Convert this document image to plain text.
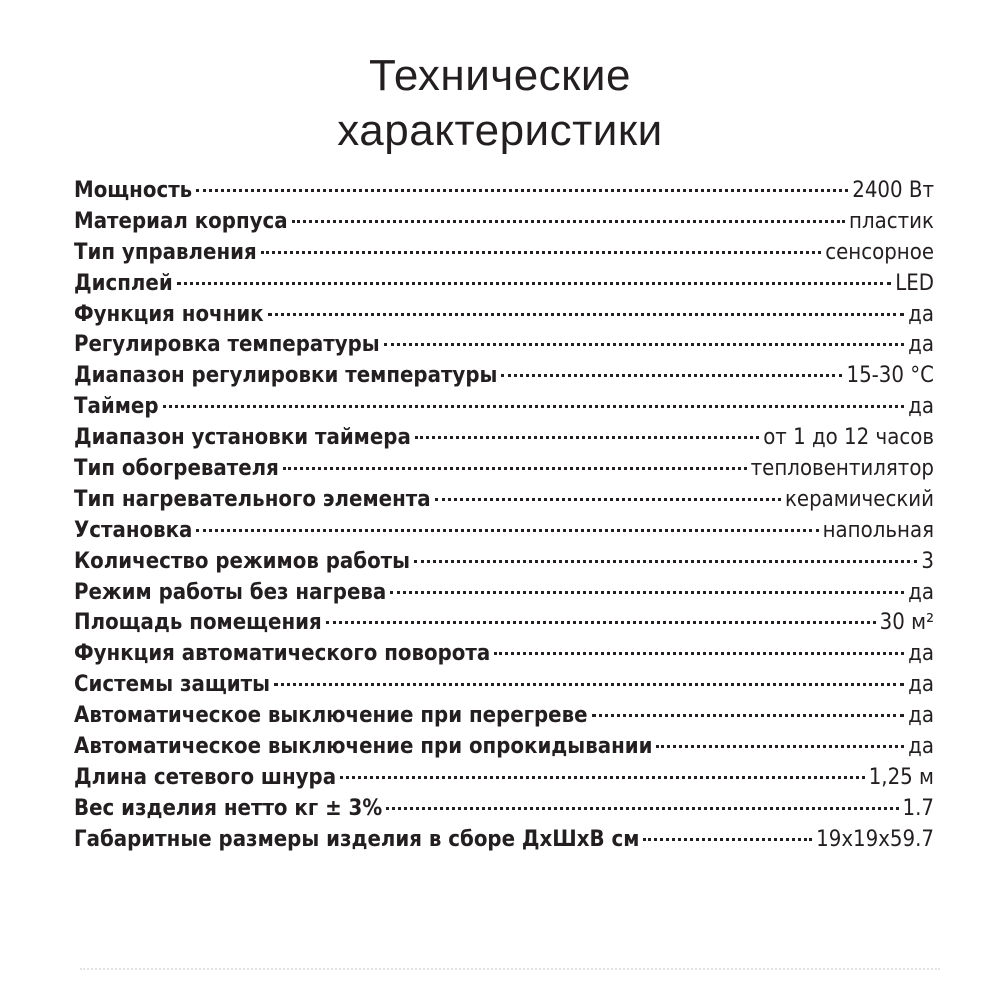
Технические
характеристики
Мощность	2400 Вт
Материал корпуса	пластик
Тип управления	сенсорное
Дисплей	LED
Функция ночник	да
Регулировка температуры	да
Диапазон регулировки температуры	15-30 °C
Таймер	да
Диапазон установки таймера	от 1 до 12 часов
Тип обогревателя	тепловентилятор
Тип нагревательного элемента	керамический
Установка	напольная
Количество режимов работы	3
Режим работы без нагрева	да
Площадь помещения	30 м²
Функция автоматического поворота	да
Системы защиты	да
Автоматическое выключение при перегреве	да
Автоматическое выключение при опрокидывании	да
Длина сетевого шнура	1,25 м
Вес изделия нетто кг ± 3%	1.7
Габаритные размеры изделия в сборе ДхШхВ см	19x19x59.7
